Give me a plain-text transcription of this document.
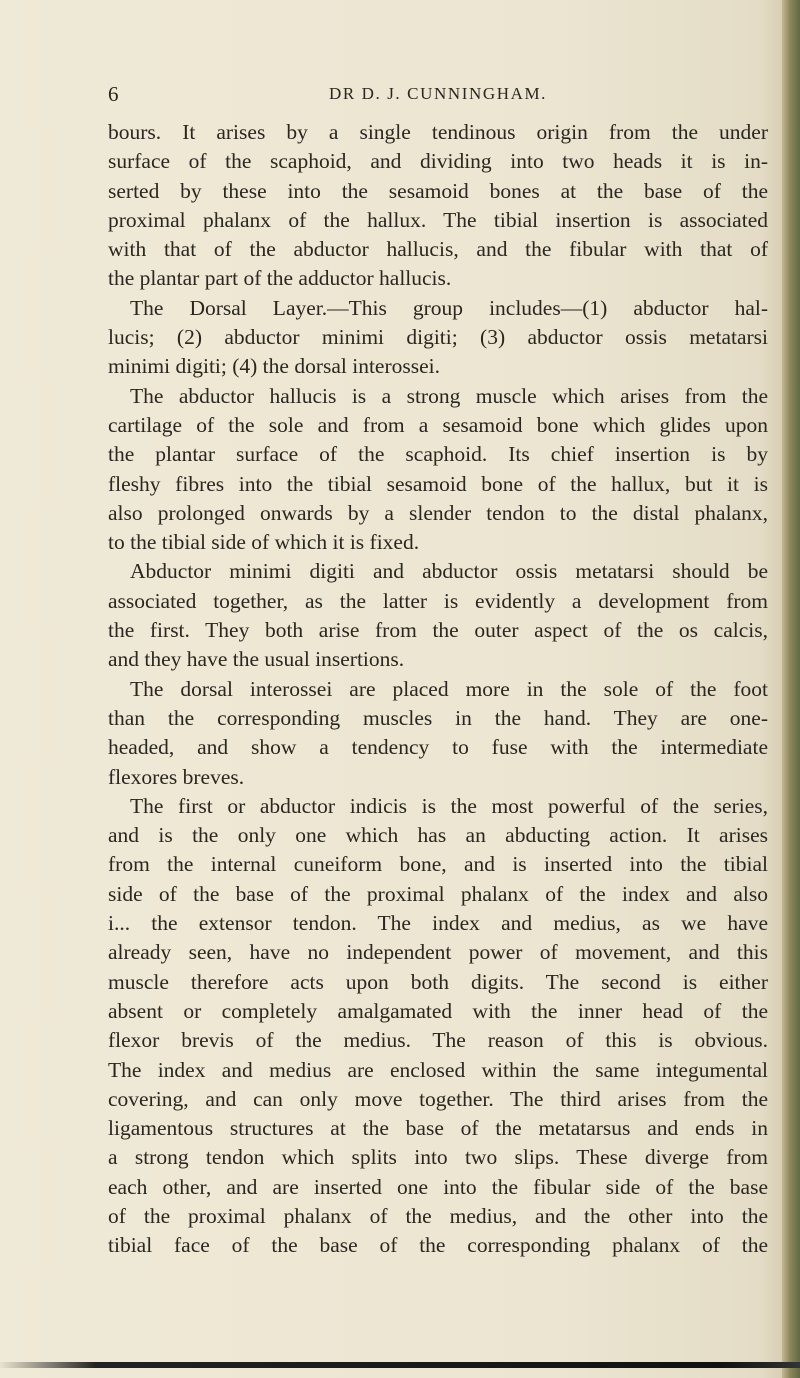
6	DR D. J. CUNNINGHAM.
bours. It arises by a single tendinous origin from the under
surface of the scaphoid, and dividing into two heads it is in-
serted by these into the sesamoid bones at the base of the
proximal phalanx of the hallux. The tibial insertion is associated
with that of the abductor hallucis, and the fibular with that of
the plantar part of the adductor hallucis.
The Dorsal Layer.—This group includes—(1) abductor hal-
lucis; (2) abductor minimi digiti; (3) abductor ossis metatarsi
minimi digiti; (4) the dorsal interossei.
The abductor hallucis is a strong muscle which arises from the
cartilage of the sole and from a sesamoid bone which glides upon
the plantar surface of the scaphoid. Its chief insertion is by
fleshy fibres into the tibial sesamoid bone of the hallux, but it is
also prolonged onwards by a slender tendon to the distal phalanx,
to the tibial side of which it is fixed.
Abductor minimi digiti and abductor ossis metatarsi should be
associated together, as the latter is evidently a development from
the first. They both arise from the outer aspect of the os calcis,
and they have the usual insertions.
The dorsal interossei are placed more in the sole of the foot
than the corresponding muscles in the hand. They are one-
headed, and show a tendency to fuse with the intermediate
flexores breves.
The first or abductor indicis is the most powerful of the series,
and is the only one which has an abducting action. It arises
from the internal cuneiform bone, and is inserted into the tibial
side of the base of the proximal phalanx of the index and also
i... the extensor tendon. The index and medius, as we have
already seen, have no independent power of movement, and this
muscle therefore acts upon both digits. The second is either
absent or completely amalgamated with the inner head of the
flexor brevis of the medius. The reason of this is obvious.
The index and medius are enclosed within the same integumental
covering, and can only move together. The third arises from the
ligamentous structures at the base of the metatarsus and ends in
a strong tendon which splits into two slips. These diverge from
each other, and are inserted one into the fibular side of the base
of the proximal phalanx of the medius, and the other into the
tibial face of the base of the corresponding phalanx of the
